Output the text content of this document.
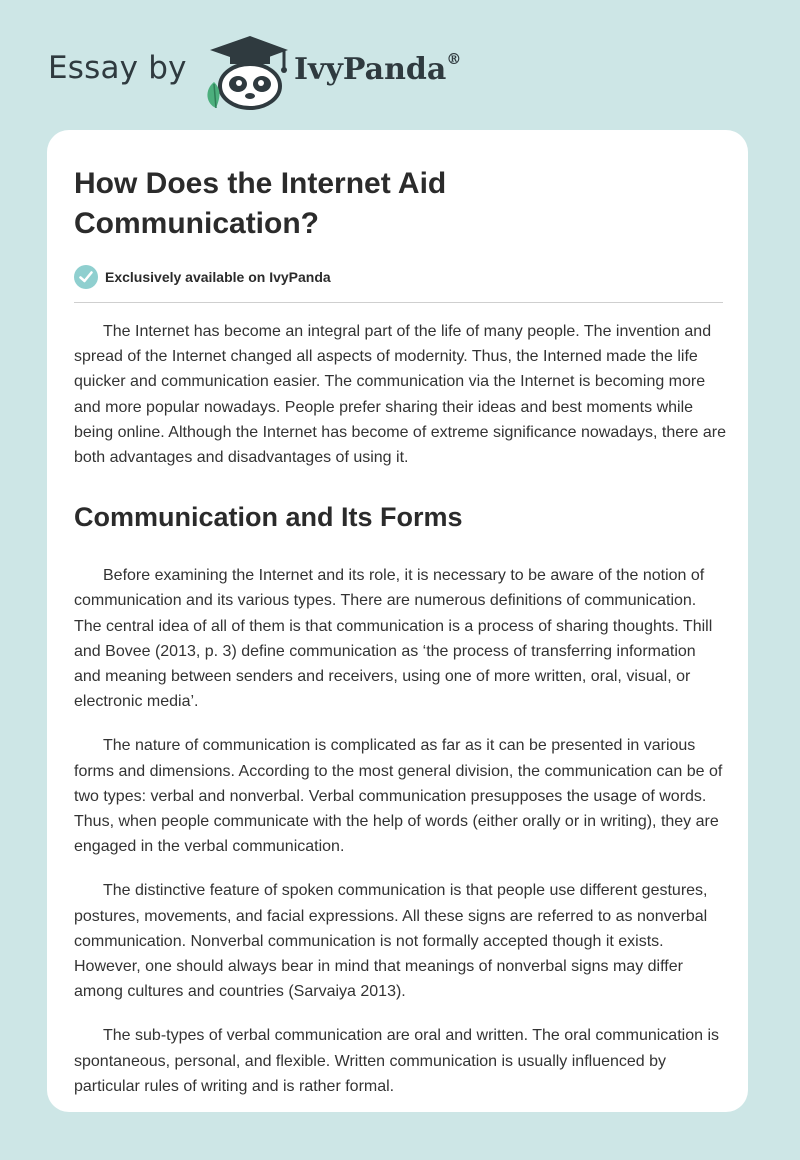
Essay by	IvyPanda®
How Does the Internet Aid Communication?
Exclusively available on IvyPanda

The Internet has become an integral part of the life of many people. The invention and spread of the Internet changed all aspects of modernity. Thus, the Interned made the life quicker and communication easier. The communication via the Internet is becoming more and more popular nowadays. People prefer sharing their ideas and best moments while being online. Although the Internet has become of extreme significance nowadays, there are both advantages and disadvantages of using it.

Communication and Its Forms

Before examining the Internet and its role, it is necessary to be aware of the notion of communication and its various types. There are numerous definitions of communication. The central idea of all of them is that communication is a process of sharing thoughts. Thill and Bovee (2013, p. 3) define communication as ‘the process of transferring information and meaning between senders and receivers, using one of more written, oral, visual, or electronic media’.

The nature of communication is complicated as far as it can be presented in various forms and dimensions. According to the most general division, the communication can be of two types: verbal and nonverbal. Verbal communication presupposes the usage of words. Thus, when people communicate with the help of words (either orally or in writing), they are engaged in the verbal communication.

The distinctive feature of spoken communication is that people use different gestures, postures, movements, and facial expressions. All these signs are referred to as nonverbal communication. Nonverbal communication is not formally accepted though it exists. However, one should always bear in mind that meanings of nonverbal signs may differ among cultures and countries (Sarvaiya 2013).

The sub-types of verbal communication are oral and written. The oral communication is spontaneous, personal, and flexible. Written communication is usually influenced by particular rules of writing and is rather formal.
